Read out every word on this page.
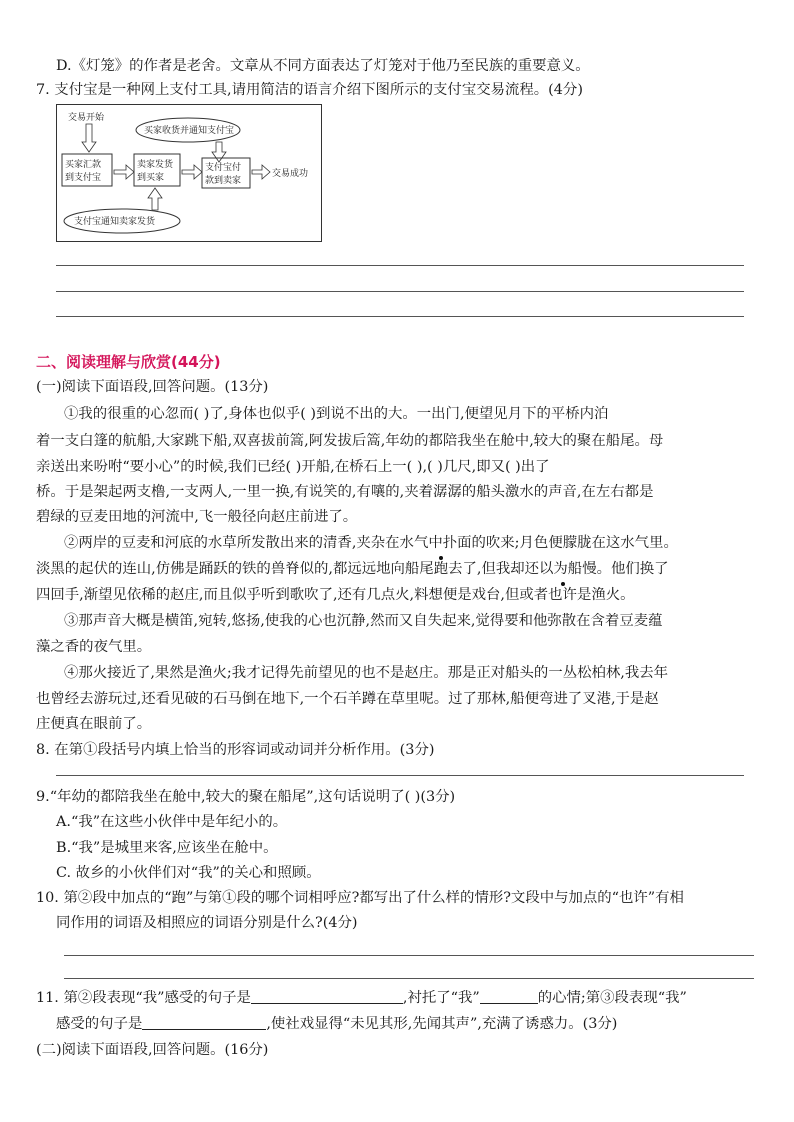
D.《灯笼》的作者是老舍。文章从不同方面表达了灯笼对于他乃至民族的重要意义。
7. 支付宝是一种网上支付工具,请用简洁的语言介绍下图所示的支付宝交易流程。(4分)
交易开始
买家收货并通知支付宝
买家汇款
到支付宝
卖家发货
到买家
支付宝付
款到卖家
交易成功
支付宝通知卖家发货
二、阅读理解与欣赏(44分)
(一)阅读下面语段,回答问题。(13分)
①我的很重的心忽而( )了,身体也似乎( )到说不出的大。一出门,便望见月下的平桥内泊
着一支白篷的航船,大家跳下船,双喜拔前篙,阿发拔后篙,年幼的都陪我坐在舱中,较大的聚在船尾。母
亲送出来吩咐“要小心”的时候,我们已经( )开船,在桥石上一( ),( )几尺,即又( )出了
桥。于是架起两支橹,一支两人,一里一换,有说笑的,有嚷的,夹着潺潺的船头激水的声音,在左右都是
碧绿的豆麦田地的河流中,飞一般径向赵庄前进了。
②两岸的豆麦和河底的水草所发散出来的清香,夹杂在水气中扑面的吹来;月色便朦胧在这水气里。
淡黑的起伏的连山,仿佛是踊跃的铁的兽脊似的,都远远地向船尾跑去了,但我却还以为船慢。他们换了
四回手,渐望见依稀的赵庄,而且似乎听到歌吹了,还有几点火,料想便是戏台,但或者也许是渔火。
③那声音大概是横笛,宛转,悠扬,使我的心也沉静,然而又自失起来,觉得要和他弥散在含着豆麦蕴
藻之香的夜气里。
④那火接近了,果然是渔火;我才记得先前望见的也不是赵庄。那是正对船头的一丛松柏林,我去年
也曾经去游玩过,还看见破的石马倒在地下,一个石羊蹲在草里呢。过了那林,船便弯进了叉港,于是赵
庄便真在眼前了。
8. 在第①段括号内填上恰当的形容词或动词并分析作用。(3分)
9.“年幼的都陪我坐在舱中,较大的聚在船尾”,这句话说明了( )(3分)
A.“我”在这些小伙伴中是年纪小的。
B.“我”是城里来客,应该坐在舱中。
C. 故乡的小伙伴们对“我”的关心和照顾。
10. 第②段中加点的“跑”与第①段的哪个词相呼应?都写出了什么样的情形?文段中与加点的“也许”有相
同作用的词语及相照应的词语分别是什么?(4分)
11. 第②段表现“我”感受的句子是	,衬托了“我”	的心情;第③段表现“我”
感受的句子是	,使社戏显得“未见其形,先闻其声”,充满了诱惑力。(3分)
(二)阅读下面语段,回答问题。(16分)
